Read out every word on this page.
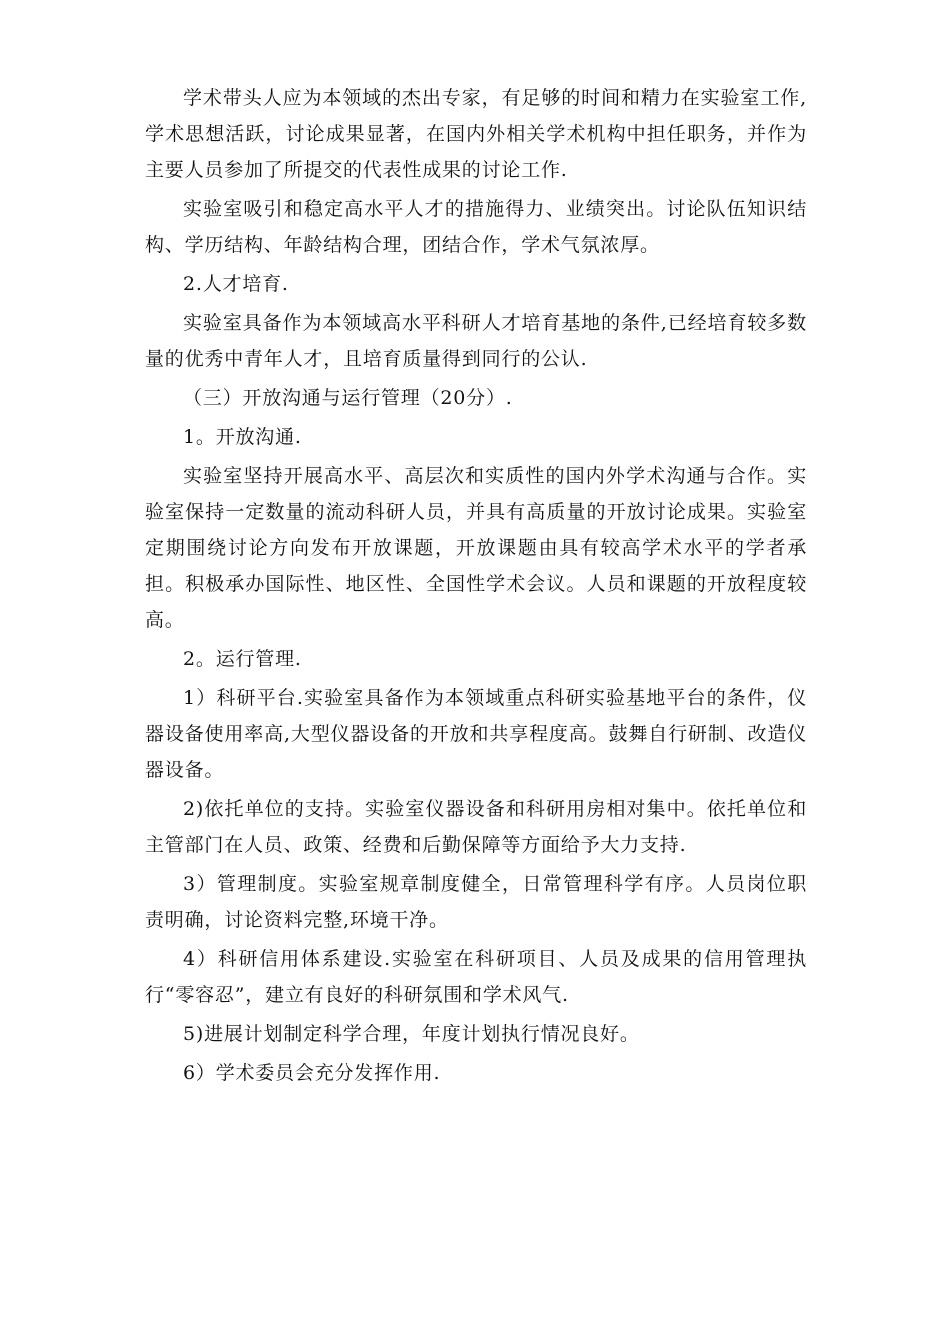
学术带头人应为本领域的杰出专家，有足够的时间和精力在实验室工作,学术思想活跃，讨论成果显著，在国内外相关学术机构中担任职务，并作为主要人员参加了所提交的代表性成果的讨论工作.

实验室吸引和稳定高水平人才的措施得力、业绩突出。讨论队伍知识结构、学历结构、年龄结构合理，团结合作，学术气氛浓厚。

2.人才培育.

实验室具备作为本领域高水平科研人才培育基地的条件,已经培育较多数量的优秀中青年人才，且培育质量得到同行的公认.

（三）开放沟通与运行管理（20分）.

1。开放沟通.

实验室坚持开展高水平、高层次和实质性的国内外学术沟通与合作。实验室保持一定数量的流动科研人员，并具有高质量的开放讨论成果。实验室定期围绕讨论方向发布开放课题，开放课题由具有较高学术水平的学者承担。积极承办国际性、地区性、全国性学术会议。人员和课题的开放程度较高。

2。运行管理.

1）科研平台.实验室具备作为本领域重点科研实验基地平台的条件，仪器设备使用率高,大型仪器设备的开放和共享程度高。鼓舞自行研制、改造仪器设备。

2)依托单位的支持。实验室仪器设备和科研用房相对集中。依托单位和主管部门在人员、政策、经费和后勤保障等方面给予大力支持.

3）管理制度。实验室规章制度健全，日常管理科学有序。人员岗位职责明确，讨论资料完整,环境干净。

4）科研信用体系建设.实验室在科研项目、人员及成果的信用管理执行“零容忍”，建立有良好的科研氛围和学术风气.

5)进展计划制定科学合理，年度计划执行情况良好。

6）学术委员会充分发挥作用.
